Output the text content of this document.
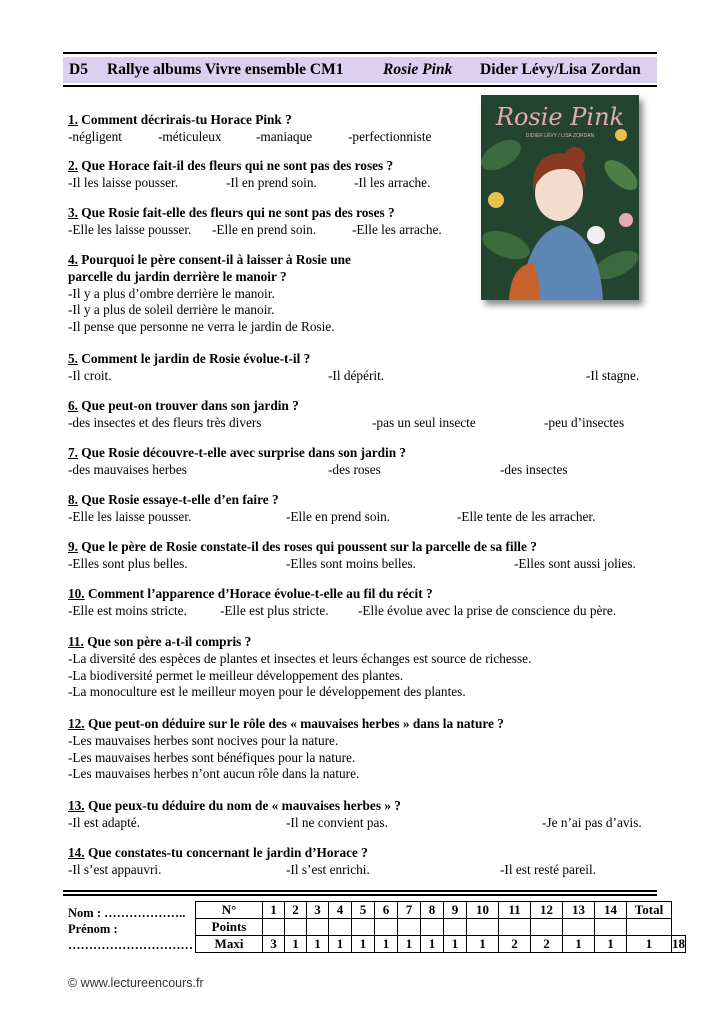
D5 Rallye albums Vivre ensemble CM1	Rosie Pink Dider Lévy/Lisa Zordan
Rosie Pink
DIDIER LÉVY / LISA ZORDAN
1. Comment décrirais-tu Horace Pink ?
-négligent	-méticuleux	-maniaque	-perfectionniste
2. Que Horace fait-il des fleurs qui ne sont pas des roses ?
-Il les laisse pousser.	-Il en prend soin.	-Il les arrache.
3. Que Rosie fait-elle des fleurs qui ne sont pas des roses ?
-Elle les laisse pousser. -Elle en prend soin.	-Elle les arrache.
4. Pourquoi le père consent-il à laisser à Rosie une
parcelle du jardin derrière le manoir ?
-Il y a plus d’ombre derrière le manoir.
-Il y a plus de soleil derrière le manoir.
-Il pense que personne ne verra le jardin de Rosie.
5. Comment le jardin de Rosie évolue-t-il ?
-Il croit.	-Il dépérit.	-Il stagne.
6. Que peut-on trouver dans son jardin ?
-des insectes et des fleurs très divers	-pas un seul insecte	-peu d’insectes
7. Que Rosie découvre-t-elle avec surprise dans son jardin ?
-des mauvaises herbes	-des roses	-des insectes
8. Que Rosie essaye-t-elle d’en faire ?
-Elle les laisse pousser.	-Elle en prend soin.	-Elle tente de les arracher.
9. Que le père de Rosie constate-il des roses qui poussent sur la parcelle de sa fille ?
-Elles sont plus belles.	-Elles sont moins belles.	-Elles sont aussi jolies.
10. Comment l’apparence d’Horace évolue-t-elle au fil du récit ?
-Elle est moins stricte. -Elle est plus stricte. -Elle évolue avec la prise de conscience du père.
11. Que son père a-t-il compris ?
-La diversité des espèces de plantes et insectes et leurs échanges est source de richesse.
-La biodiversité permet le meilleur développement des plantes.
-La monoculture est le meilleur moyen pour le développement des plantes.
12. Que peut-on déduire sur le rôle des « mauvaises herbes » dans la nature ?
-Les mauvaises herbes sont nocives pour la nature.
-Les mauvaises herbes sont bénéfiques pour la nature.
-Les mauvaises herbes n’ont aucun rôle dans la nature.
13. Que peux-tu déduire du nom de « mauvaises herbes » ?
-Il est adapté.	-Il ne convient pas.	-Je n’ai pas d’avis.
14. Que constates-tu concernant le jardin d’Horace ?
-Il s’est appauvri.	-Il s’est enrichi.	-Il est resté pareil.
Nom : ………………..
Prénom :
…………………………
N°	1	2	3	4	5	6	7	8	9	10	11	12	13	14	Total	
Points																
Maxi	3	1	1	1	1	1	1	1	1	1	2	2	1	1	1	18
© www.lectureencours.fr
